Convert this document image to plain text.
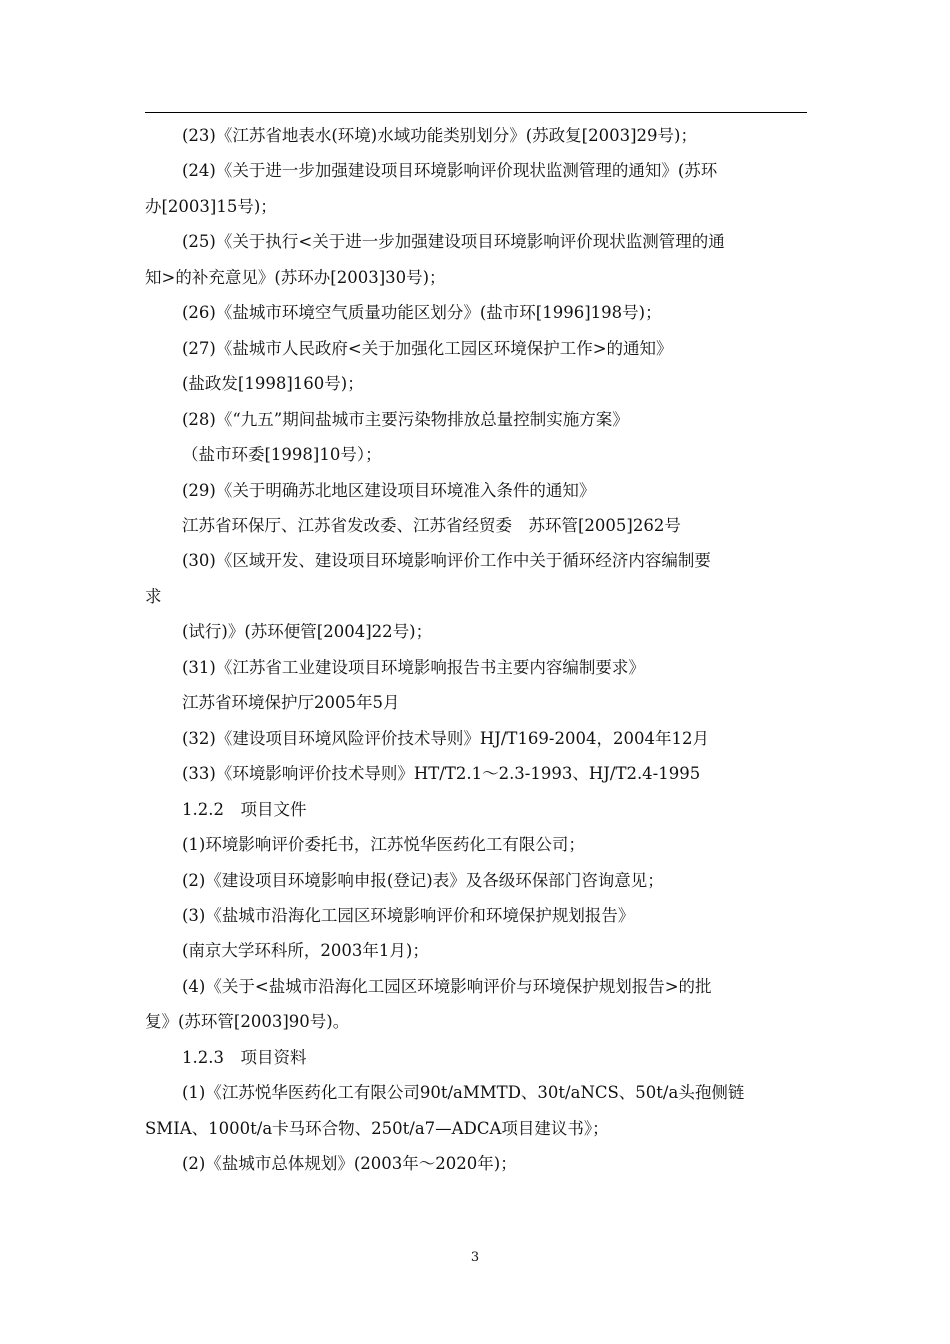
(23)《江苏省地表水(环境)水域功能类别划分》(苏政复[2003]29号)；
(24)《关于进一步加强建设项目环境影响评价现状监测管理的通知》(苏环
办[2003]15号)；
(25)《关于执行<关于进一步加强建设项目环境影响评价现状监测管理的通
知>的补充意见》(苏环办[2003]30号)；
(26)《盐城市环境空气质量功能区划分》(盐市环[1996]198号)；
(27)《盐城市人民政府<关于加强化工园区环境保护工作>的通知》
(盐政发[1998]160号)；
(28)《“九五”期间盐城市主要污染物排放总量控制实施方案》
（盐市环委[1998]10号）；
(29)《关于明确苏北地区建设项目环境准入条件的通知》
江苏省环保厅、江苏省发改委、江苏省经贸委　苏环管[2005]262号
(30)《区域开发、建设项目环境影响评价工作中关于循环经济内容编制要
求
(试行)》(苏环便管[2004]22号)；
(31)《江苏省工业建设项目环境影响报告书主要内容编制要求》
江苏省环境保护厅2005年5月
(32)《建设项目环境风险评价技术导则》HJ/T169-2004，2004年12月
(33)《环境影响评价技术导则》HT/T2.1～2.3-1993、HJ/T2.4-1995
1.2.2　项目文件
(1)环境影响评价委托书，江苏悦华医药化工有限公司；
(2)《建设项目环境影响申报(登记)表》及各级环保部门咨询意见；
(3)《盐城市沿海化工园区环境影响评价和环境保护规划报告》
(南京大学环科所，2003年1月)；
(4)《关于<盐城市沿海化工园区环境影响评价与环境保护规划报告>的批
复》(苏环管[2003]90号)。
1.2.3　项目资料
(1)《江苏悦华医药化工有限公司90t/aMMTD、30t/aNCS、50t/a头孢侧链
SMIA、1000t/a卡马环合物、250t/a7—ADCA项目建议书》；
(2)《盐城市总体规划》(2003年～2020年)；
3
